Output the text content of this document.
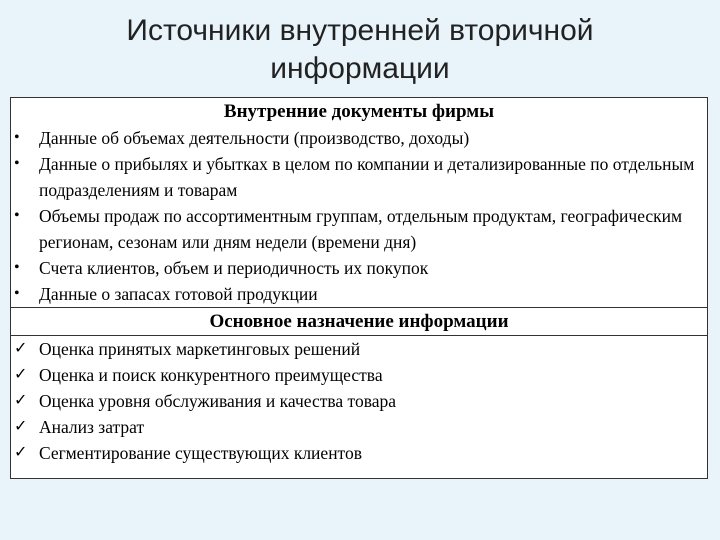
Источники внутренней вторичной информации
Внутренние документы фирмы
• Данные об объемах деятельности (производство, доходы)
• Данные о прибылях и убытках в целом по компании и детализированные по отдельным подразделениям и товарам
• Объемы продаж по ассортиментным группам, отдельным продуктам, географическим регионам, сезонам или дням недели (времени дня)
• Счета клиентов, объем и периодичность их покупок
• Данные о запасах готовой продукции
Основное назначение информации
✓ Оценка принятых маркетинговых решений
✓ Оценка и поиск конкурентного преимущества
✓ Оценка уровня обслуживания и качества товара
✓ Анализ затрат
✓ Сегментирование существующих клиентов
